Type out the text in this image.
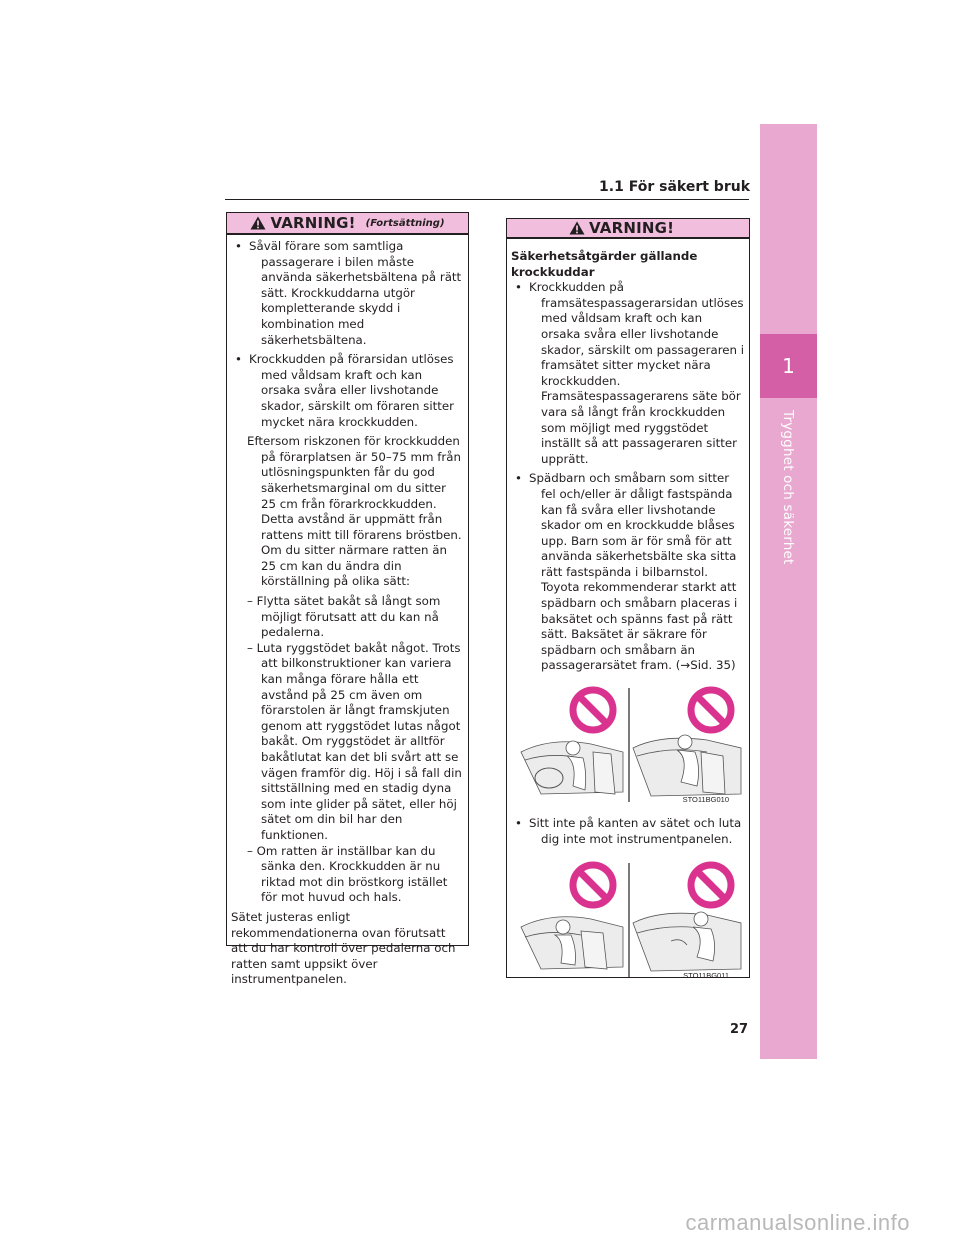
1
Trygghet och säkerhet
1.1 För säkert bruk
VARNING! (Fortsättning)

• Såväl förare som samtliga passagerare i bilen måste använda säkerhetsbältena på rätt sätt. Krockkuddarna utgör kompletterande skydd i kombination med säkerhetsbältena.

• Krockkudden på förarsidan utlöses med våldsam kraft och kan orsaka svåra eller livshotande skador, särskilt om föraren sitter mycket nära krockkudden.

Eftersom riskzonen för krockkudden på förarplatsen är 50–75 mm från utlösningspunkten får du god säkerhetsmarginal om du sitter 25 cm från förarkrockkudden. Detta avstånd är uppmätt från rattens mitt till förarens bröstben. Om du sitter närmare ratten än 25 cm kan du ändra din körställning på olika sätt:

– Flytta sätet bakåt så långt som möjligt förutsatt att du kan nå pedalerna.

– Luta ryggstödet bakåt något. Trots att bilkonstruktioner kan variera kan många förare hålla ett avstånd på 25 cm även om förarstolen är långt framskjuten genom att ryggstödet lutas något bakåt. Om ryggstödet är alltför bakåtlutat kan det bli svårt att se vägen framför dig. Höj i så fall din sittställning med en stadig dyna som inte glider på sätet, eller höj sätet om din bil har den funktionen.

– Om ratten är inställbar kan du sänka den. Krockkudden är nu riktad mot din bröstkorg istället för mot huvud och hals.

Sätet justeras enligt rekommendationerna ovan förutsatt att du har kontroll över pedalerna och ratten samt uppsikt över instrumentpanelen.

VARNING!

Säkerhetsåtgärder gällande krockkuddar

• Krockkudden på framsätespassagerarsidan utlöses med våldsam kraft och kan orsaka svåra eller livshotande skador, särskilt om passageraren i framsätet sitter mycket nära krockkudden. Framsätespassagerarens säte bör vara så långt från krockkudden som möjligt med ryggstödet inställt så att passageraren sitter upprätt.

• Spädbarn och småbarn som sitter fel och/eller är dåligt fastspända kan få svåra eller livshotande skador om en krockkudde blåses upp. Barn som är för små för att använda säkerhetsbälte ska sitta rätt fastspända i bilbarnstol. Toyota rekommenderar starkt att spädbarn och småbarn placeras i baksätet och spänns fast på rätt sätt. Baksätet är säkrare för spädbarn och småbarn än passagerarsätet fram. (→Sid. 35)

STO11BG010

• Sitt inte på kanten av sätet och luta dig inte mot instrumentpanelen.

STO11BG011
27
carmanualsonline.info
